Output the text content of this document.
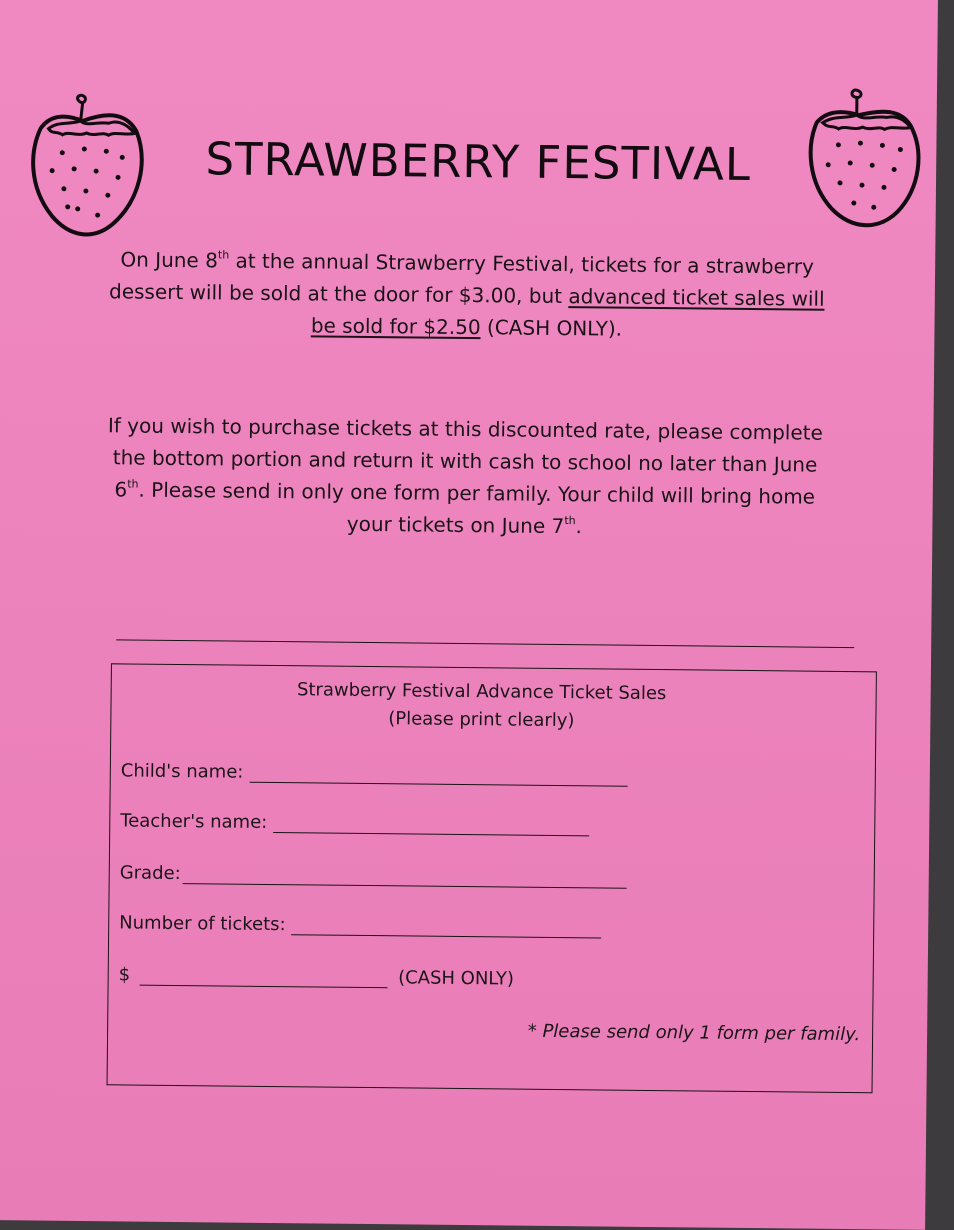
STRAWBERRY FESTIVAL

On June 8th at the annual Strawberry Festival, tickets for a strawberry dessert will be sold at the door for $3.00, but advanced ticket sales will be sold for $2.50 (CASH ONLY).

If you wish to purchase tickets at this discounted rate, please complete the bottom portion and return it with cash to school no later than June 6th. Please send in only one form per family. Your child will bring home your tickets on June 7th.

Strawberry Festival Advance Ticket Sales
(Please print clearly)
Child's name:
Teacher's name:
Grade:
Number of tickets:
$	(CASH ONLY)
* Please send only 1 form per family.
